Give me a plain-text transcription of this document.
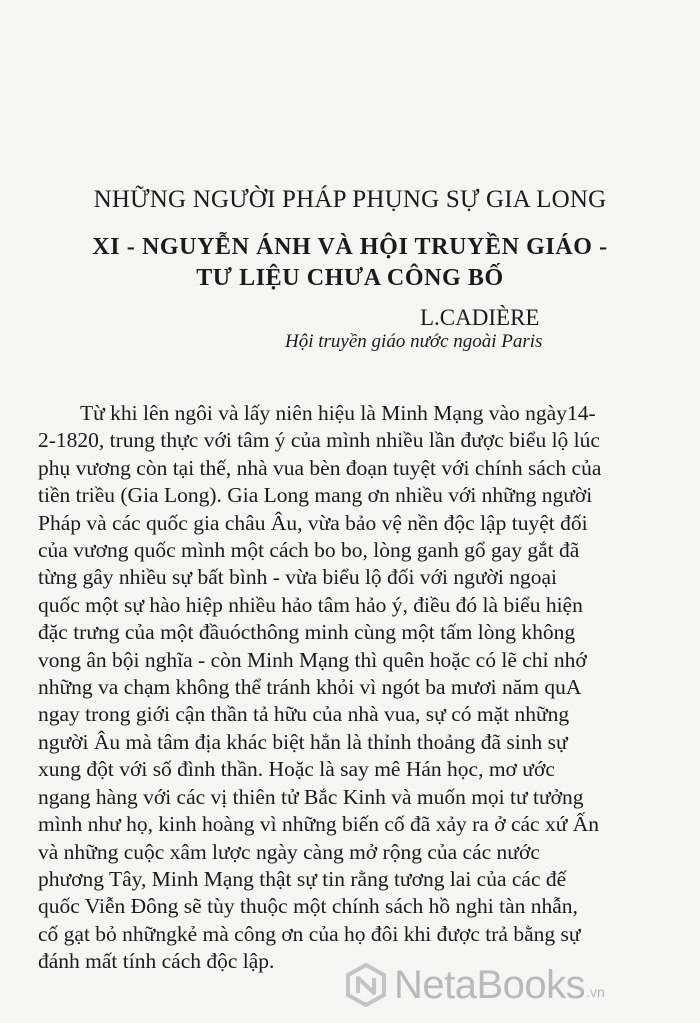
NHỮNG NGƯỜI PHÁP PHỤNG SỰ GIA LONG
XI - NGUYỄN ÁNH VÀ HỘI TRUYỀN GIÁO -
TƯ LIỆU CHƯA CÔNG BỐ
L.CADIÈRE
Hội truyền giáo nước ngoài Paris
Từ khi lên ngôi và lấy niên hiệu là Minh Mạng vào ngày14-
2-1820, trung thực với tâm ý của mình nhiều lần được biểu lộ lúc
phụ vương còn tại thế, nhà vua bèn đoạn tuyệt với chính sách của
tiền triều (Gia Long). Gia Long mang ơn nhiều với những người
Pháp và các quốc gia châu Âu, vừa bảo vệ nền độc lập tuyệt đối
của vương quốc mình một cách bo bo, lòng ganh gổ gay gắt đã
từng gây nhiều sự bất bình - vừa biểu lộ đối với người ngoại
quốc một sự hào hiệp nhiều hảo tâm hảo ý, điều đó là biểu hiện
đặc trưng của một đầuócthông minh cùng một tấm lòng không
vong ân bội nghĩa - còn Minh Mạng thì quên hoặc có lẽ chỉ nhớ
những va chạm không thể tránh khỏi vì ngót ba mươi năm quA
ngay trong giới cận thần tả hữu của nhà vua, sự có mặt những
người Âu mà tâm địa khác biệt hẳn là thỉnh thoảng đã sinh sự
xung đột với số đình thần. Hoặc là say mê Hán học, mơ ước
ngang hàng với các vị thiên tử Bắc Kinh và muốn mọi tư tưởng
mình như họ, kinh hoàng vì những biến cố đã xảy ra ở các xứ Ấn
và những cuộc xâm lược ngày càng mở rộng của các nước
phương Tây, Minh Mạng thật sự tin rằng tương lai của các đế
quốc Viễn Đông sẽ tùy thuộc một chính sách hồ nghi tàn nhẫn,
cố gạt bỏ nhữngkẻ mà công ơn của họ đôi khi được trả bằng sự
đánh mất tính cách độc lập.
NetaBooks .vn
